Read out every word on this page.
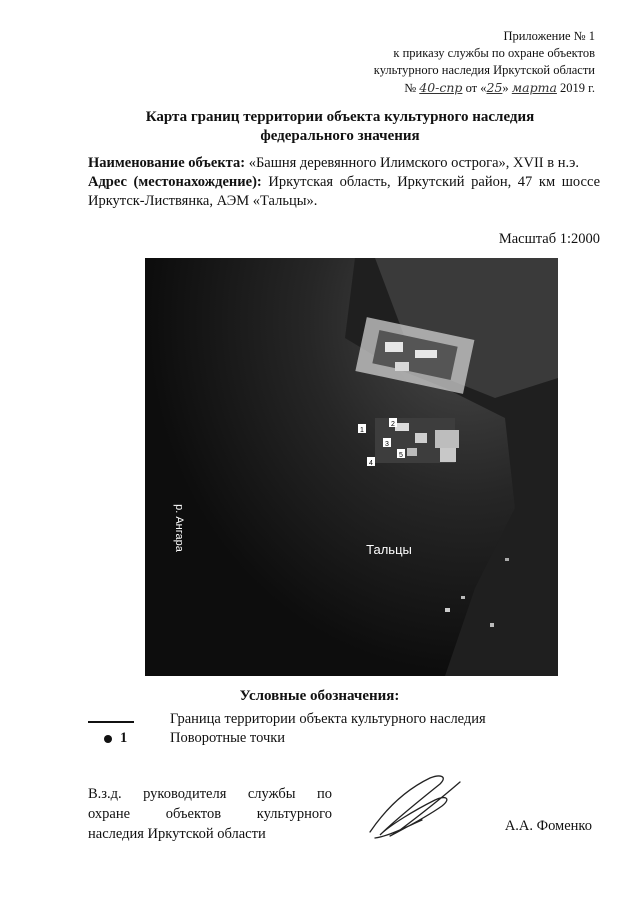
Приложение № 1
к приказу службы по охране объектов
культурного наследия Иркутской области
№ 40-спр от «25» марта 2019 г.
Карта границ территории объекта культурного наследия
федерального значения
Наименование объекта: «Башня деревянного Илимского острога», XVII в н.э.
Адрес (местонахождение): Иркутская область, Иркутский район, 47 км шоссе Иркутск-Листвянка, АЭМ «Тальцы».
Масштаб 1:2000
1
2
3
4
5
р. Ангара	Тальцы
Условные обозначения:
Граница территории объекта культурного наследия
1	Поворотные точки
В.з.д. руководителя службы по
охране объектов культурного
наследия Иркутской области	А.А. Фоменко
